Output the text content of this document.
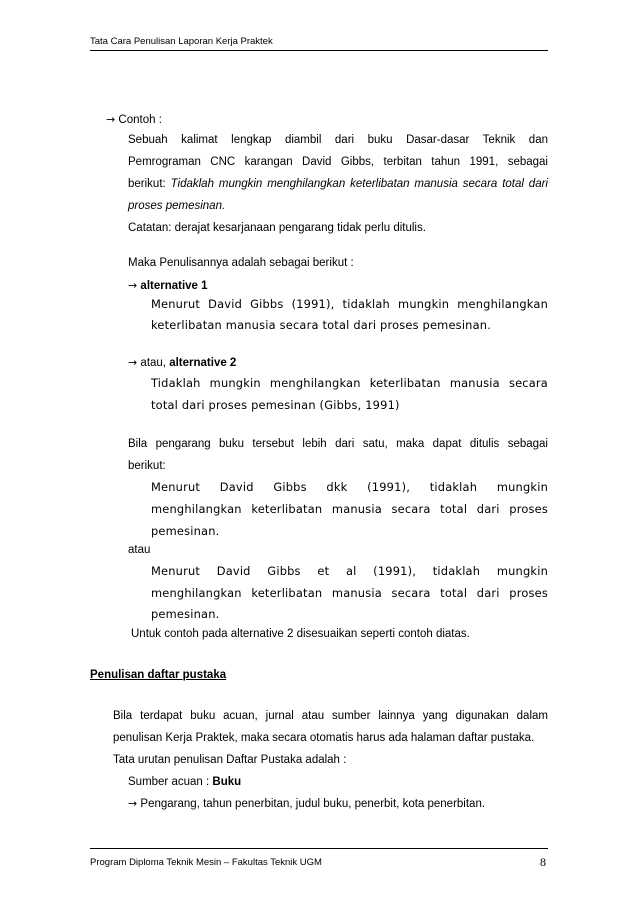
Tata Cara Penulisan Laporan Kerja Praktek
→ Contoh :
Sebuah kalimat lengkap diambil dari buku Dasar-dasar Teknik dan
Pemrograman CNC karangan David Gibbs, terbitan tahun 1991, sebagai
berikut: Tidaklah mungkin menghilangkan keterlibatan manusia secara total dari
proses pemesinan.
Catatan: derajat kesarjanaan pengarang tidak perlu ditulis.
Maka Penulisannya adalah sebagai berikut :
→ alternative 1
Menurut David Gibbs (1991), tidaklah mungkin menghilangkan
keterlibatan manusia secara total dari proses pemesinan.
→ atau, alternative 2
Tidaklah mungkin menghilangkan keterlibatan manusia secara
total dari proses pemesinan (Gibbs, 1991)
Bila pengarang buku tersebut lebih dari satu, maka dapat ditulis sebagai
berikut:
Menurut David Gibbs dkk (1991), tidaklah mungkin
menghilangkan keterlibatan manusia secara total dari proses
pemesinan.
atau
Menurut David Gibbs et al (1991), tidaklah mungkin
menghilangkan keterlibatan manusia secara total dari proses
pemesinan.
Untuk contoh pada alternative 2 disesuaikan seperti contoh diatas.
Penulisan daftar pustaka
Bila terdapat buku acuan, jurnal atau sumber lainnya yang digunakan dalam
penulisan Kerja Praktek, maka secara otomatis harus ada halaman daftar pustaka.
Tata urutan penulisan Daftar Pustaka adalah :
Sumber acuan : Buku
→ Pengarang, tahun penerbitan, judul buku, penerbit, kota penerbitan.
Program Diploma Teknik Mesin – Fakultas Teknik UGM	8
